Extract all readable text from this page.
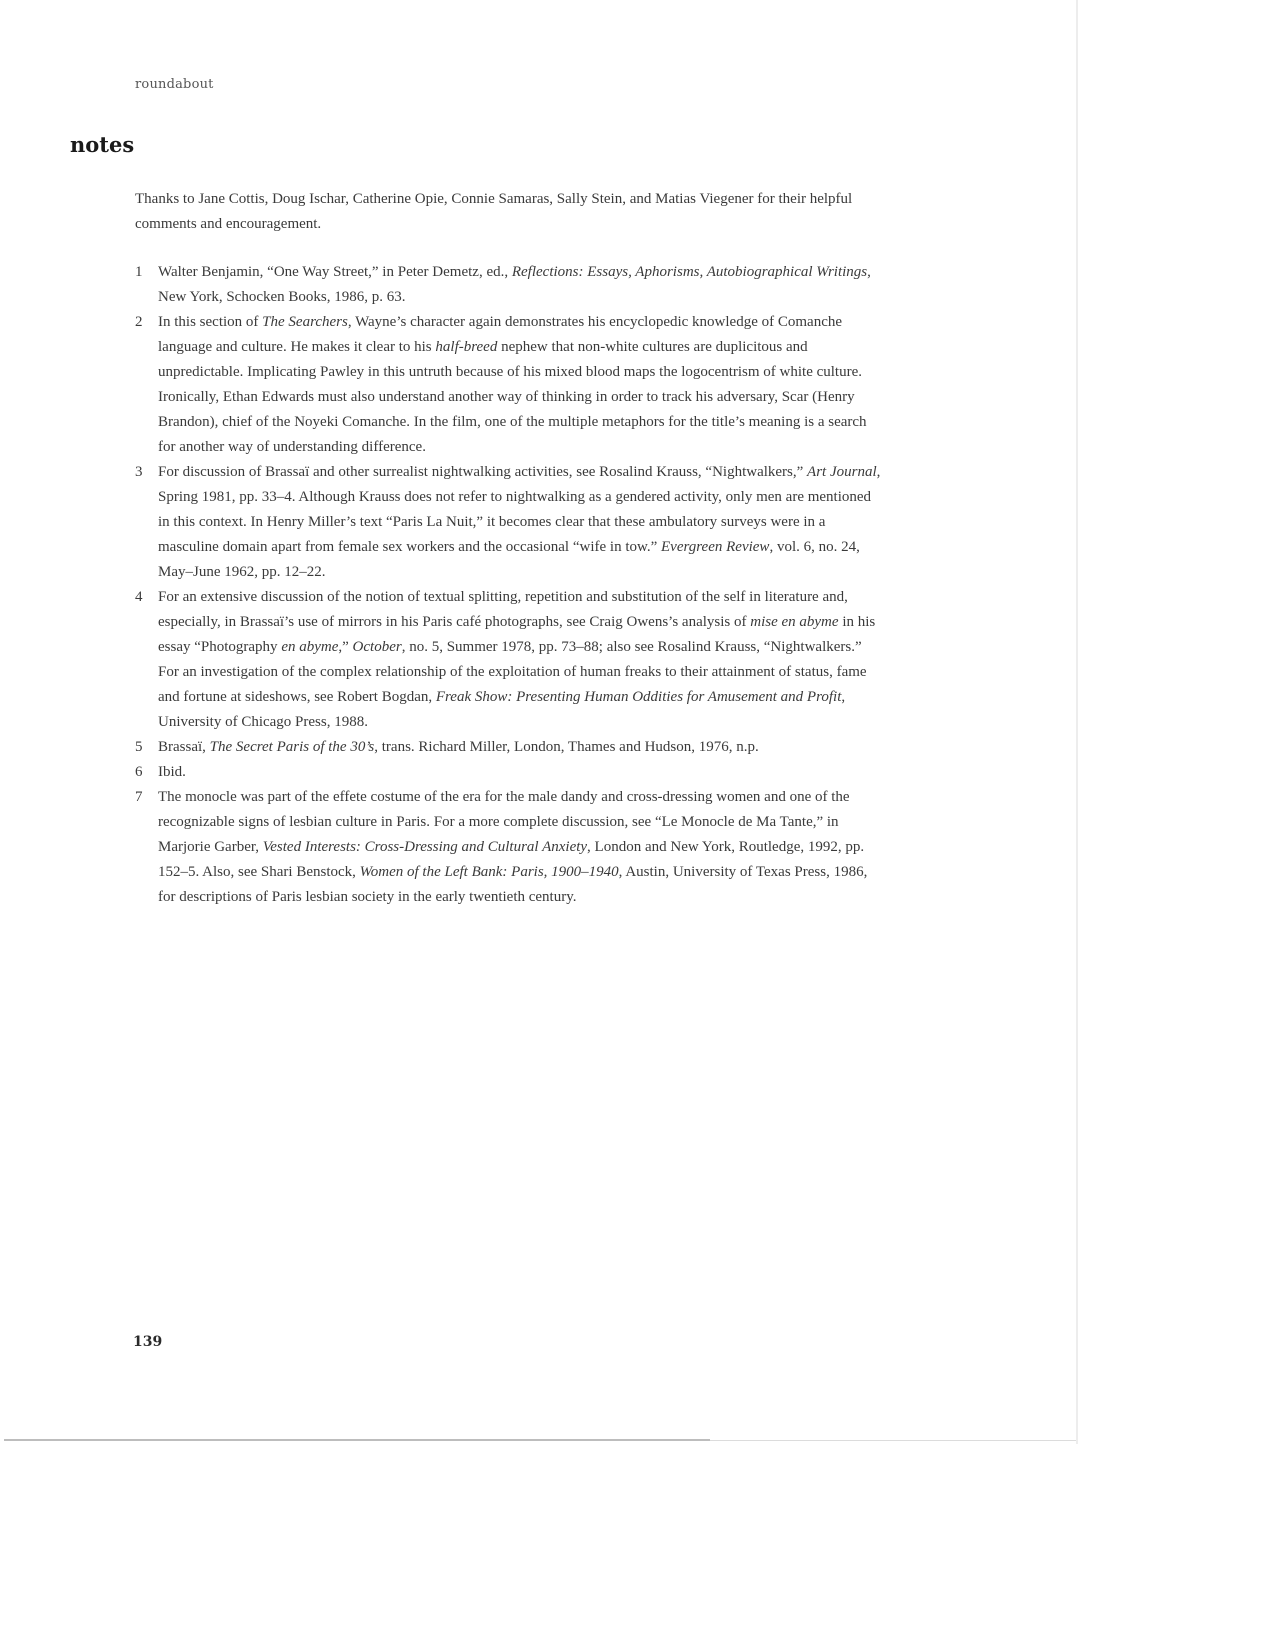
roundabout
notes

Thanks to Jane Cottis, Doug Ischar, Catherine Opie, Connie Samaras, Sally Stein, and Matias Viegener for their helpful comments and encouragement.

1 Walter Benjamin, “One Way Street,” in Peter Demetz, ed., Reflections: Essays, Aphorisms, Autobiographical Writings, New York, Schocken Books, 1986, p. 63.
2 In this section of The Searchers, Wayne’s character again demonstrates his encyclopedic knowledge of Comanche language and culture. He makes it clear to his half-breed nephew that non-white cultures are duplicitous and unpredictable. Implicating Pawley in this untruth because of his mixed blood maps the logocentrism of white culture. Ironically, Ethan Edwards must also understand another way of thinking in order to track his adversary, Scar (Henry Brandon), chief of the Noyeki Comanche. In the film, one of the multiple metaphors for the title’s meaning is a search for another way of understanding difference.
3 For discussion of Brassaï and other surrealist nightwalking activities, see Rosalind Krauss, “Nightwalkers,” Art Journal, Spring 1981, pp. 33–4. Although Krauss does not refer to nightwalking as a gendered activity, only men are mentioned in this context. In Henry Miller’s text “Paris La Nuit,” it becomes clear that these ambulatory surveys were in a masculine domain apart from female sex workers and the occasional “wife in tow.” Evergreen Review, vol. 6, no. 24, May–June 1962, pp. 12–22.
4 For an extensive discussion of the notion of textual splitting, repetition and substitution of the self in literature and, especially, in Brassaï’s use of mirrors in his Paris café photographs, see Craig Owens’s analysis of mise en abyme in his essay “Photography en abyme,” October, no. 5, Summer 1978, pp. 73–88; also see Rosalind Krauss, “Nightwalkers.” For an investigation of the complex relationship of the exploitation of human freaks to their attainment of status, fame and fortune at sideshows, see Robert Bogdan, Freak Show: Presenting Human Oddities for Amusement and Profit, University of Chicago Press, 1988.
5 Brassaï, The Secret Paris of the 30’s, trans. Richard Miller, London, Thames and Hudson, 1976, n.p.
6 Ibid.
7 The monocle was part of the effete costume of the era for the male dandy and cross-dressing women and one of the recognizable signs of lesbian culture in Paris. For a more complete discussion, see “Le Monocle de Ma Tante,” in Marjorie Garber, Vested Interests: Cross-Dressing and Cultural Anxiety, London and New York, Routledge, 1992, pp. 152–5. Also, see Shari Benstock, Women of the Left Bank: Paris, 1900–1940, Austin, University of Texas Press, 1986, for descriptions of Paris lesbian society in the early twentieth century.
139
